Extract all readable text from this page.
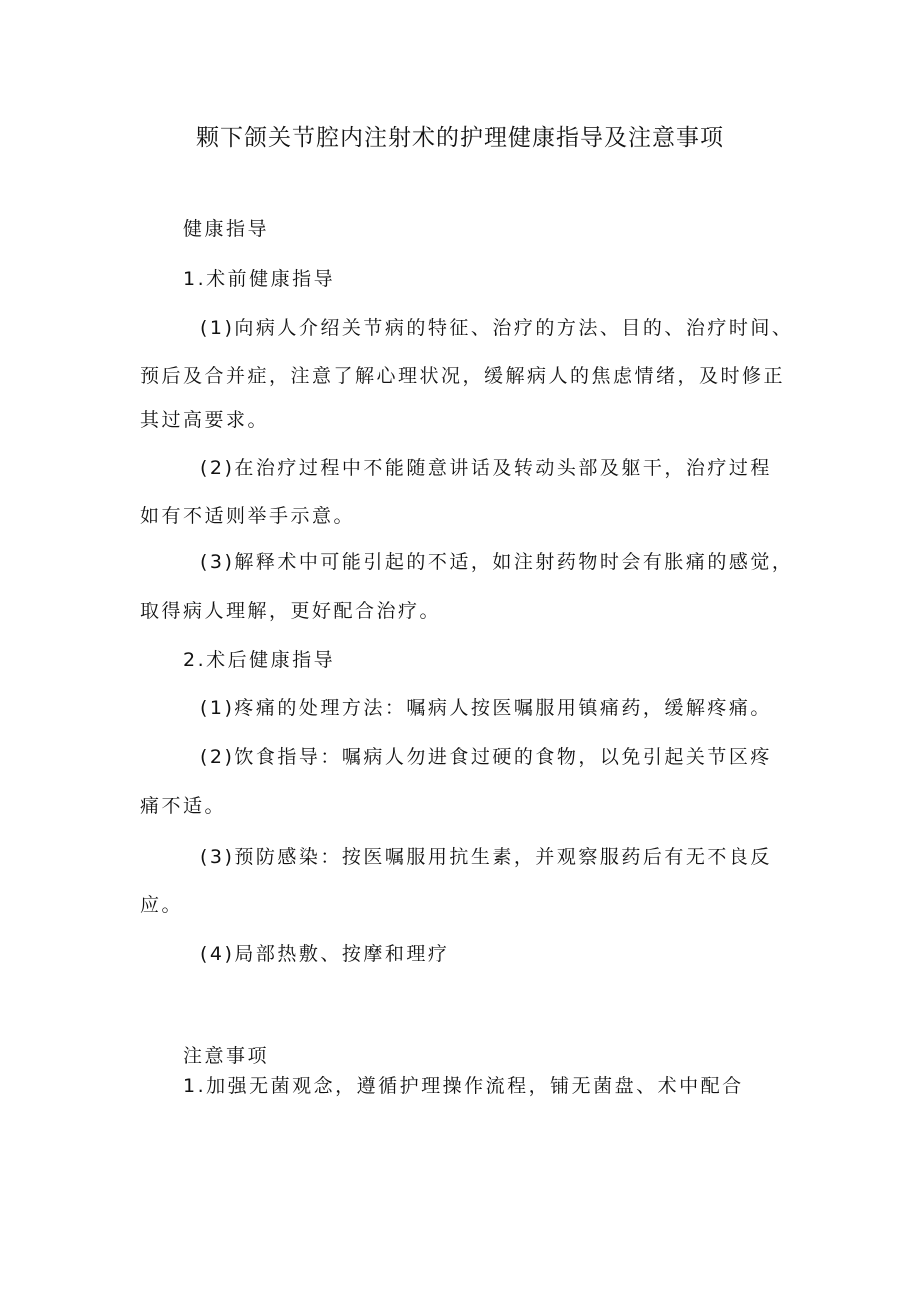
颗下颌关节腔内注射术的护理健康指导及注意事项
健康指导
1.术前健康指导
(1)向病人介绍关节病的特征、治疗的方法、目的、治疗时间、
预后及合并症，注意了解心理状况，缓解病人的焦虑情绪，及时修正
其过高要求。
(2)在治疗过程中不能随意讲话及转动头部及躯干，治疗过程
如有不适则举手示意。
(3)解释术中可能引起的不适，如注射药物时会有胀痛的感觉，
取得病人理解，更好配合治疗。
2.术后健康指导
(1)疼痛的处理方法：嘱病人按医嘱服用镇痛药，缓解疼痛。
(2)饮食指导：嘱病人勿进食过硬的食物，以免引起关节区疼
痛不适。
(3)预防感染：按医嘱服用抗生素，并观察服药后有无不良反
应。
(4)局部热敷、按摩和理疗
注意事项
1.加强无菌观念，遵循护理操作流程，铺无菌盘、术中配合
